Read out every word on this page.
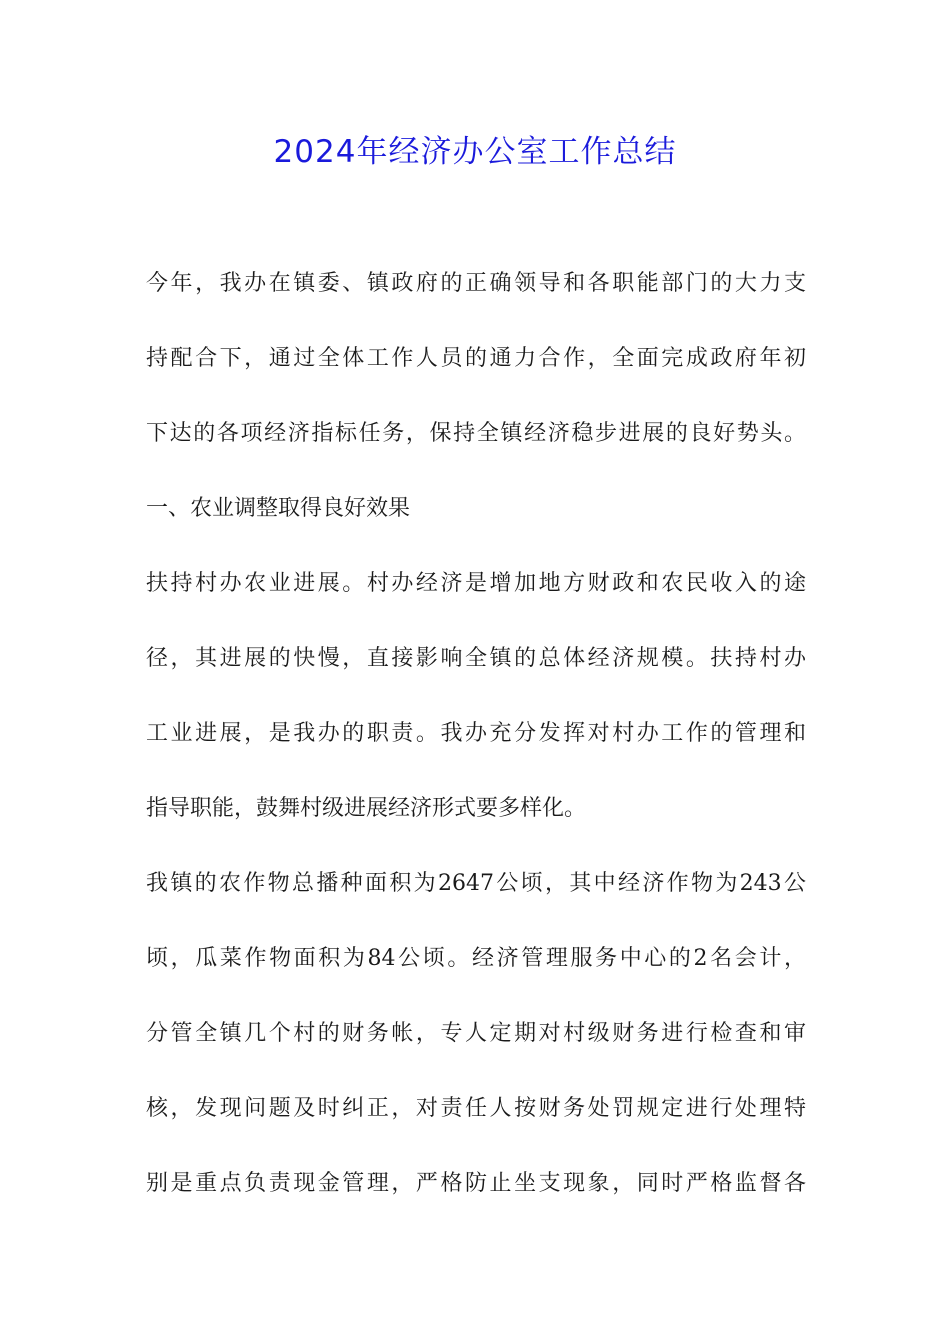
2024年经济办公室工作总结

今年，我办在镇委、镇政府的正确领导和各职能部门的大力支

持配合下，通过全体工作人员的通力合作，全面完成政府年初

下达的各项经济指标任务，保持全镇经济稳步进展的良好势头。

一、农业调整取得良好效果

扶持村办农业进展。村办经济是增加地方财政和农民收入的途

径，其进展的快慢，直接影响全镇的总体经济规模。扶持村办

工业进展，是我办的职责。我办充分发挥对村办工作的管理和

指导职能，鼓舞村级进展经济形式要多样化。

我镇的农作物总播种面积为2647公顷，其中经济作物为243公

顷，瓜菜作物面积为84公顷。经济管理服务中心的2名会计，

分管全镇几个村的财务帐，专人定期对村级财务进行检查和审

核，发现问题及时纠正，对责任人按财务处罚规定进行处理特

别是重点负责现金管理，严格防止坐支现象，同时严格监督各
